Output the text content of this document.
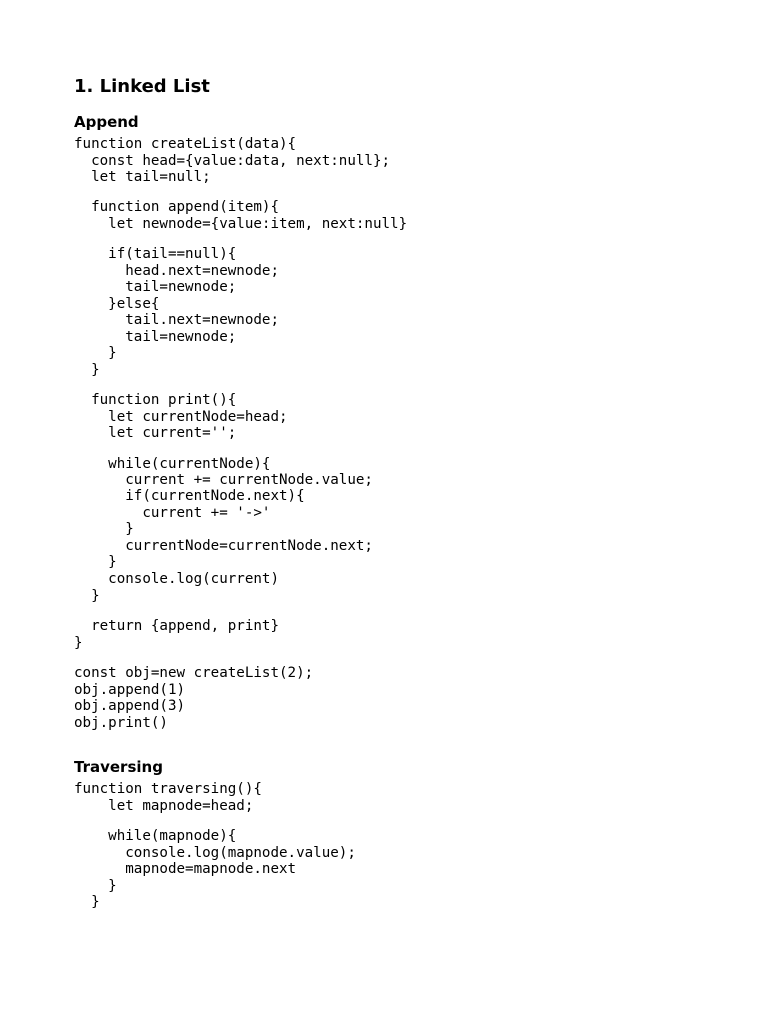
1. Linked List
Append
function createList(data){
const head={value:data, next:null};
let tail=null;
function append(item){
let newnode={value:item, next:null}
if(tail==null){
head.next=newnode;
tail=newnode;
}else{
tail.next=newnode;
tail=newnode;
}
}
function print(){
let currentNode=head;
let current='';
while(currentNode){
current += currentNode.value;
if(currentNode.next){
current += '->'
}
currentNode=currentNode.next;
}
console.log(current)
}
return {append, print}
}
const obj=new createList(2);
obj.append(1)
obj.append(3)
obj.print()
Traversing
function traversing(){
let mapnode=head;
while(mapnode){
console.log(mapnode.value);
mapnode=mapnode.next
}
}
